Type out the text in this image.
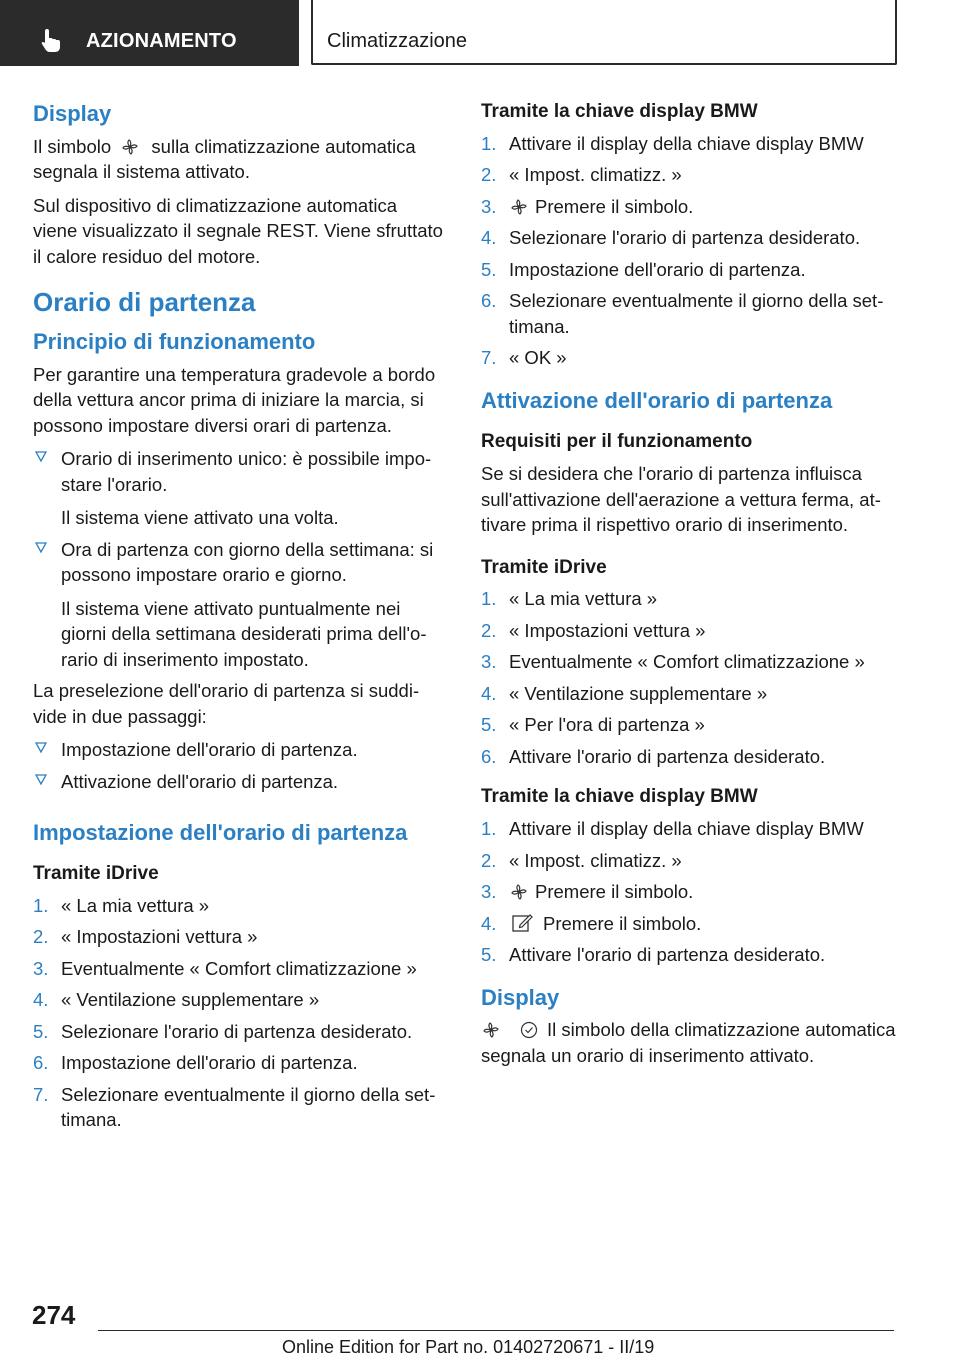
AZIONAMENTO	Climatizzazione
Display

Il simbolo sulla climatizzazione automatica segnala il sistema attivato.

Sul dispositivo di climatizzazione automatica viene visualizzato il segnale REST. Viene sfruttato il calore residuo del motore.

Orario di partenza
Principio di funzionamento

Per garantire una temperatura gradevole a bordo della vettura ancor prima di iniziare la marcia, si possono impostare diversi orari di partenza.

Orario di inserimento unico: è possibile impostare l'orario.
Il sistema viene attivato una volta.
Ora di partenza con giorno della settimana: si possono impostare orario e giorno.
Il sistema viene attivato puntualmente nei giorni della settimana desiderati prima dell'orario di inserimento impostato.

La preselezione dell'orario di partenza si suddivide in due passaggi:

Impostazione dell'orario di partenza.
Attivazione dell'orario di partenza.
Impostazione dell'orario di partenza
Tramite iDrive
1. « La mia vettura »
2. « Impostazioni vettura »
3. Eventualmente « Comfort climatizzazione »
4. « Ventilazione supplementare »
5. Selezionare l'orario di partenza desiderato.
6. Impostazione dell'orario di partenza.
7. Selezionare eventualmente il giorno della settimana.
Tramite la chiave display BMW
1. Attivare il display della chiave display BMW
2. « Impost. climatizz. »
3. Premere il simbolo.
4. Selezionare l'orario di partenza desiderato.
5. Impostazione dell'orario di partenza.
6. Selezionare eventualmente il giorno della settimana.
7. « OK »
Attivazione dell'orario di partenza
Requisiti per il funzionamento

Se si desidera che l'orario di partenza influisca sull'attivazione dell'aerazione a vettura ferma, attivare prima il rispettivo orario di inserimento.

Tramite iDrive
1. « La mia vettura »
2. « Impostazioni vettura »
3. Eventualmente « Comfort climatizzazione »
4. « Ventilazione supplementare »
5. « Per l'ora di partenza »
6. Attivare l'orario di partenza desiderato.
Tramite la chiave display BMW
1. Attivare il display della chiave display BMW
2. « Impost. climatizz. »
3. Premere il simbolo.
4.	Premere il simbolo.
5. Attivare l'orario di partenza desiderato.
Display

Il simbolo della climatizzazione automatica segnala un orario di inserimento attivato.

274
Online Edition for Part no. 01402720671 - II/19
